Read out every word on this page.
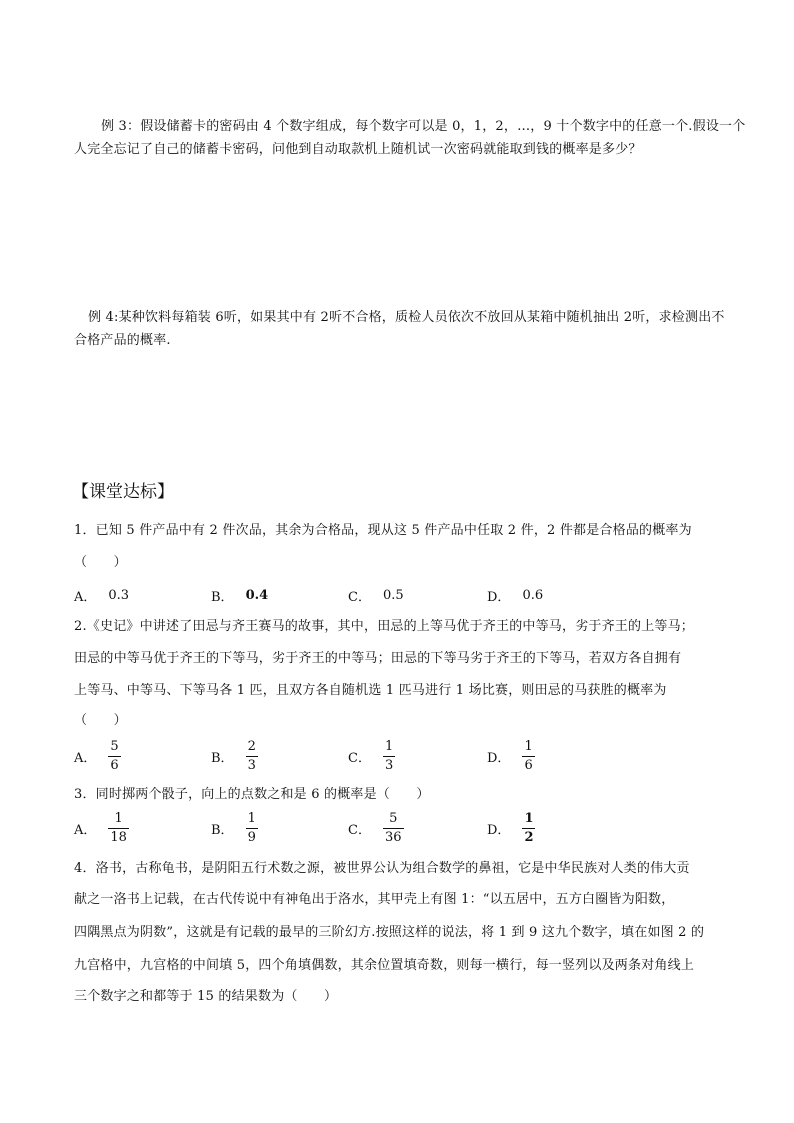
例 3：假设储蓄卡的密码由 4 个数字组成，每个数字可以是 0，1，2，…，9 十个数字中的任意一个.假设一个
人完全忘记了自己的储蓄卡密码，问他到自动取款机上随机试一次密码就能取到钱的概率是多少？
例 4:某种饮料每箱装 6听，如果其中有 2听不合格，质检人员依次不放回从某箱中随机抽出 2听，求检测出不
合格产品的概率.
【课堂达标】
1．已知 5 件产品中有 2 件次品，其余为合格品，现从这 5 件产品中任取 2 件，2 件都是合格品的概率为
（　　）
A． 0.3	B． 0.4	C． 0.5	D． 0.6
2.《史记》中讲述了田忌与齐王赛马的故事，其中，田忌的上等马优于齐王的中等马，劣于齐王的上等马；
田忌的中等马优于齐王的下等马，劣于齐王的中等马；田忌的下等马劣于齐王的下等马，若双方各自拥有
上等马、中等马、下等马各 1 匹，且双方各自随机选 1 匹马进行 1 场比赛，则田忌的马获胜的概率为
（　　）
A． $\frac{5}{6}$	B． $\frac{2}{3}$	C． $\frac{1}{3}$	D． $\frac{1}{6}$
3．同时掷两个骰子，向上的点数之和是 6 的概率是（　　）
A． $\frac{1}{18}$	B． $\frac{1}{9}$	C． $\frac{5}{36}$	D． $\frac{1}{2}$
4．洛书，古称龟书，是阴阳五行术数之源，被世界公认为组合数学的鼻祖，它是中华民族对人类的伟大贡
献之一洛书上记载，在古代传说中有神龟出于洛水，其甲壳上有图 1：“以五居中，五方白圈皆为阳数，
四隅黑点为阴数”，这就是有记载的最早的三阶幻方.按照这样的说法，将 1 到 9 这九个数字，填在如图 2 的
九宫格中，九宫格的中间填 5，四个角填偶数，其余位置填奇数，则每一横行，每一竖列以及两条对角线上
三个数字之和都等于 15 的结果数为（　　）
